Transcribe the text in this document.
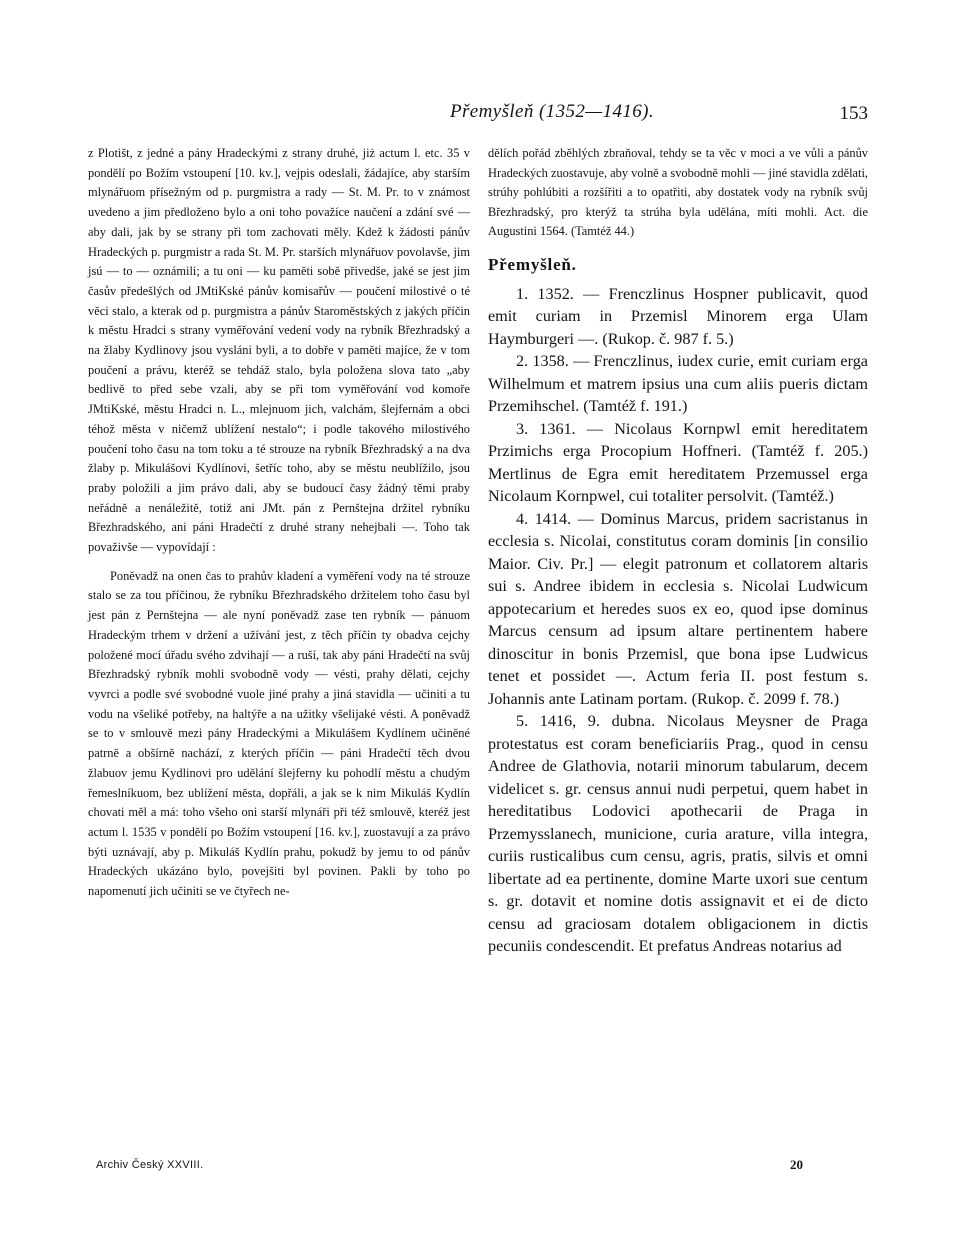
Přemyšleň (1352—1416).	153

z Plotišt, z jedné a pány Hradeckými z strany druhé, jiż actum l. etc. 35 v pondělí po Božím vstoupení [10. kv.], vejpis odeslali, žádajíce, aby starším mlynářuom přísežným od p. purgmistra a rady — St. M. Pr. to v známost uvedeno a jim předloženo bylo a oni toho považíce naučení a zdání své — aby dali, jak by se strany při tom zachovati měly. Kdež k žádosti pánův Hradeckých p. purgmistr a rada St. M. Pr. starších mlynářuov povolavše, jim jsú — to — oznámili; a tu oni — ku paměti sobě přivedše, jaké se jest jim časův předešlých od JMtiKské pánův komisařův — poučení milostivé o té věci stalo, a kterak od p. purgmistra a pánův Staroměstských z jakých příčin k městu Hradci s strany vyměřování vedení vody na rybník Březhradský a na žlaby Kydlinovy jsou vysláni byli, a to dobře v paměti majíce, že v tom poučení a právu, kteréž se tehdáž stalo, byla položena slova tato „aby bedlivě to před sebe vzali, aby se při tom vyměřování vod komoře JMtiKské, městu Hradci n. L., mlejnuom jich, valchám, šlejfernám a obci téhož města v ničemž ublížení nestalo“; i podle takového milostivého poučení toho času na tom toku a té strouze na rybník Březhradský a na dva žlaby p. Mikulášovi Kydlínovi, šetříc toho, aby se městu neublížilo, jsou praby položili a jim právo dali, aby se budoucí časy žádný těmi praby neřádně a nenáležitě, totiž ani JMt. pán z Pernštejna držitel rybníku Březhradského, ani páni Hradečtí z druhé strany nehejbali —. Toho tak považivše — vypovídají :

Poněvadž na onen čas to prahův kladení a vyměření vody na té strouze stalo se za tou příčinou, že rybníku Březhradského držitelem toho času byl jest pán z Pernštejna — ale nyní poněvadž zase ten rybník — pánuom Hradeckým trhem v držení a užívání jest, z těch příčin ty obadva cejchy položené mocí úřadu svého zdvihají — a ruší, tak aby páni Hradečtí na svůj Březhradský rybník mohli svobodně vody — vésti, prahy dělati, cejchy vyvrci a podle své svobodné vuole jiné prahy a jiná stavidla — učiniti a tu vodu na všeliké potřeby, na haltýře a na užitky všelijaké vésti. A poněvadž se to v smlouvě mezi pány Hradeckými a Mikulášem Kydlínem učiněné patrně a obšírně nachází, z kterých příčin — páni Hradečtí těch dvou žlabuov jemu Kydlinovi pro udělání šlejferny ku pohodlí městu a chudým řemeslníkuom, bez ublížení města, dopřáli, a jak se k nim Mikuláš Kydlín chovati měl a má: toho všeho oni starší mlynáři při též smlouvě, kteréž jest actum l. 1535 v pondělí po Božím vstoupení [16. kv.], zuostavují a za právo býti uznávají, aby p. Mikuláš Kydlín prahu, pokudž by jemu to od pánův Hradeckých ukázáno bylo, povejšiti byl povinen. Pakli by toho po napomenutí jich učiniti se ve čtyřech ne-

dělích pořád zběhlých zbraňoval, tehdy se ta věc v moci a ve vůli a pánův Hradeckých zuostavuje, aby volně a svobodně mohli — jiné stavidla zdělati, strúhy pohlúbiti a rozšířiti a to opatřiti, aby dostatek vody na rybník svůj Březhradský, pro kterýž ta strúha byla udělána, míti mohli. Act. die Augustini 1564. (Tamtéž 44.)

Přemyšleň.

1. 1352. — Frenczlinus Hospner publicavit, quod emit curiam in Przemisl Minorem erga Ulam Haymburgeri —. (Rukop. č. 987 f. 5.)

2. 1358. — Frenczlinus, iudex curie, emit curiam erga Wilhelmum et matrem ipsius una cum aliis pueris dictam Przemihschel. (Tamtéž f. 191.)

3. 1361. — Nicolaus Kornpwl emit hereditatem Przimichs erga Procopium Hoffneri. (Tamtéž f. 205.) Mertlinus de Egra emit hereditatem Przemussel erga Nicolaum Kornpwel, cui totaliter persolvit. (Tamtéž.)

4. 1414. — Dominus Marcus, pridem sacristanus in ecclesia s. Nicolai, constitutus coram dominis [in consilio Maior. Civ. Pr.] — elegit patronum et collatorem altaris sui s. Andree ibidem in ecclesia s. Nicolai Ludwicum appotecarium et heredes suos ex eo, quod ipse dominus Marcus censum ad ipsum altare pertinentem habere dinoscitur in bonis Przemisl, que bona ipse Ludwicus tenet et possidet —. Actum feria II. post festum s. Johannis ante Latinam portam. (Rukop. č. 2099 f. 78.)

5. 1416, 9. dubna. Nicolaus Meysner de Praga protestatus est coram beneficiariis Prag., quod in censu Andree de Glathovia, notarii minorum tabularum, decem videlicet s. gr. census annui nudi perpetui, quem habet in hereditatibus Lodovici apothecarii de Praga in Przemysslanech, municione, curia arature, villa integra, curiis rusticalibus cum censu, agris, pratis, silvis et omni libertate ad ea pertinente, domine Marte uxori sue centum s. gr. dotavit et nomine dotis assignavit et ei de dicto censu ad graciosam dotalem obligacionem in dictis pecuniis condescendit. Et prefatus Andreas notarius ad

Archiv Český XXVIII.	20
